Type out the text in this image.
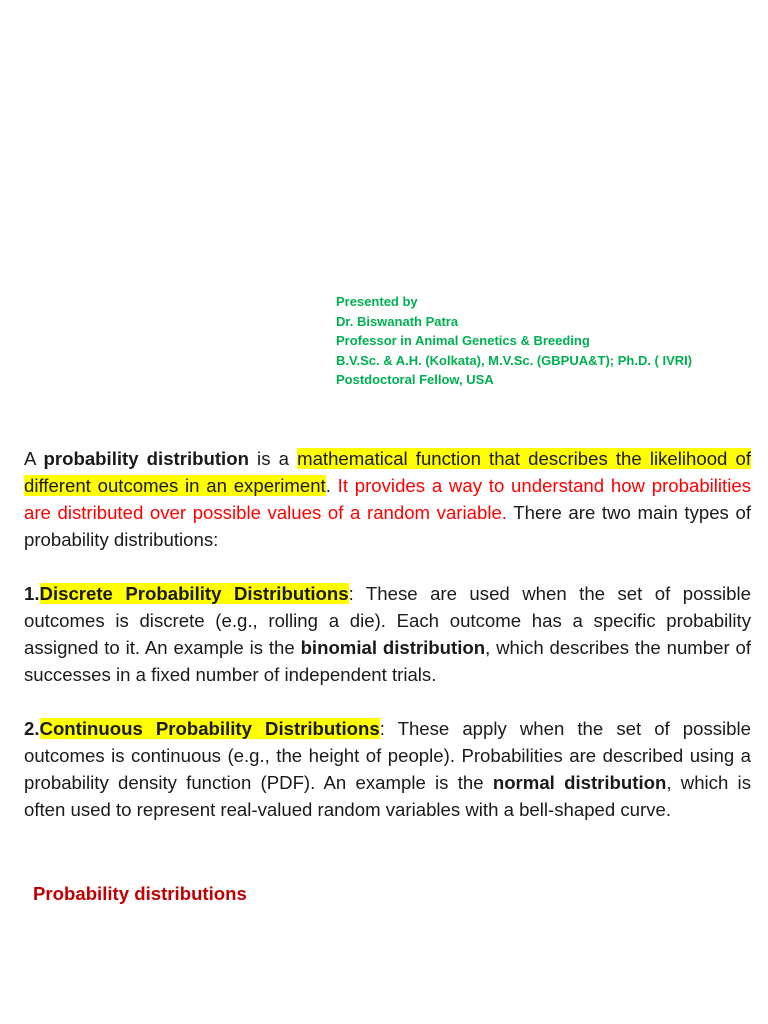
Presented by
Dr. Biswanath Patra
Professor in Animal Genetics & Breeding
B.V.Sc. & A.H. (Kolkata), M.V.Sc. (GBPUA&T); Ph.D. ( IVRI)
Postdoctoral Fellow, USA

A probability distribution is a mathematical function that describes the likelihood of different outcomes in an experiment. It provides a way to understand how probabilities are distributed over possible values of a random variable. There are two main types of probability distributions:

1.Discrete Probability Distributions: These are used when the set of possible outcomes is discrete (e.g., rolling a die). Each outcome has a specific probability assigned to it. An example is the binomial distribution, which describes the number of successes in a fixed number of independent trials.

2.Continuous Probability Distributions: These apply when the set of possible outcomes is continuous (e.g., the height of people). Probabilities are described using a probability density function (PDF). An example is the normal distribution, which is often used to represent real-valued random variables with a bell-shaped curve.

Probability distributions
